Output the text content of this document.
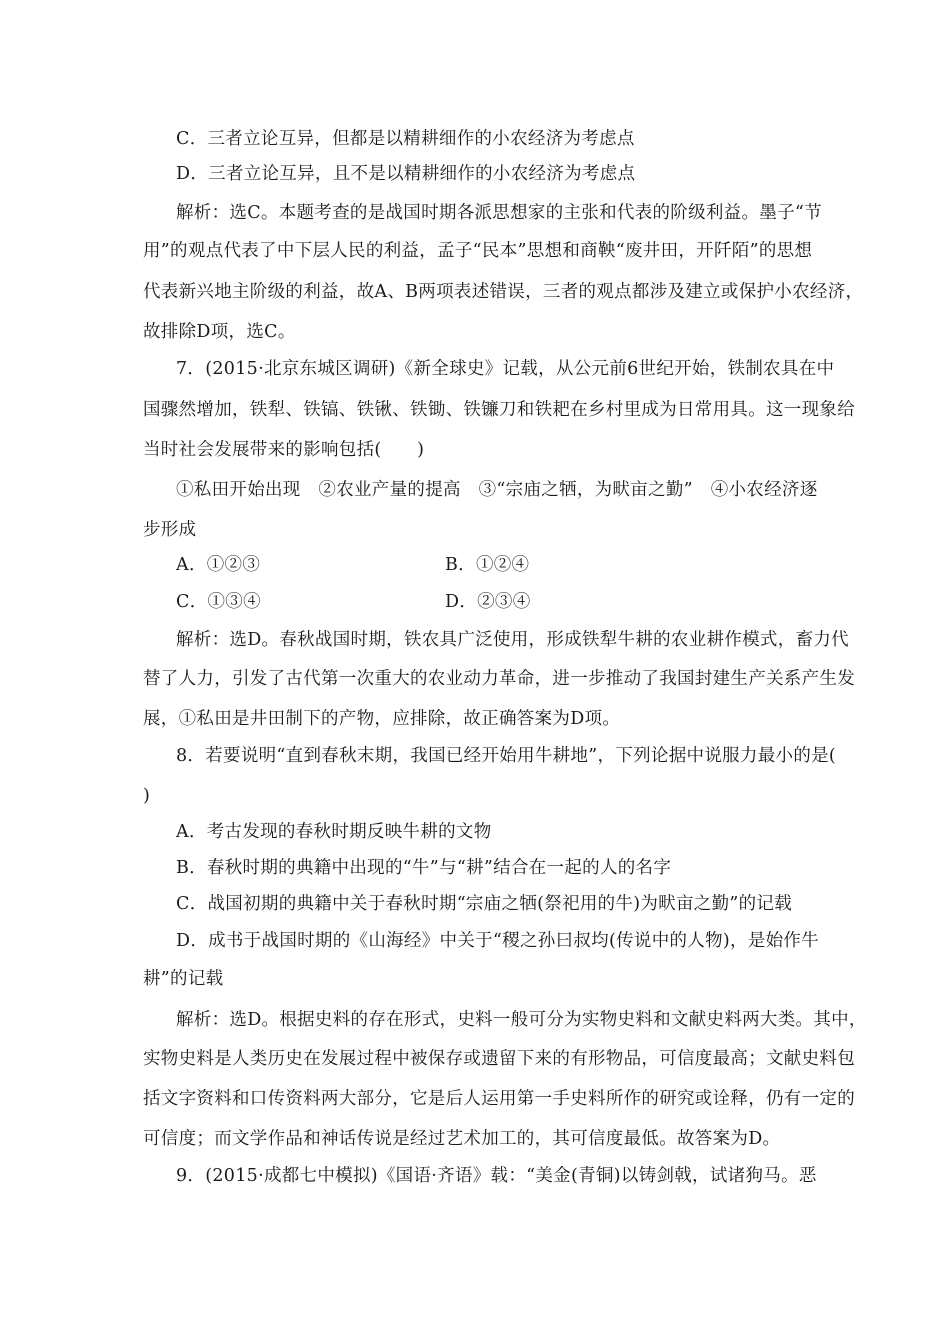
C．三者立论互异，但都是以精耕细作的小农经济为考虑点
D．三者立论互异，且不是以精耕细作的小农经济为考虑点
解析：选C。本题考查的是战国时期各派思想家的主张和代表的阶级利益。墨子“节
用”的观点代表了中下层人民的利益，孟子“民本”思想和商鞅“废井田，开阡陌”的思想
代表新兴地主阶级的利益，故A、B两项表述错误，三者的观点都涉及建立或保护小农经济，
故排除D项，选C。
7．(2015·北京东城区调研)《新全球史》记载，从公元前6世纪开始，铁制农具在中
国骤然增加，铁犁、铁镐、铁锹、铁锄、铁镰刀和铁耙在乡村里成为日常用具。这一现象给
当时社会发展带来的影响包括(　　)
①私田开始出现　②农业产量的提高　③“宗庙之牺，为畎亩之勤”　④小农经济逐
步形成
A．①②③	B．①②④
C．①③④	D．②③④
解析：选D。春秋战国时期，铁农具广泛使用，形成铁犁牛耕的农业耕作模式，畜力代
替了人力，引发了古代第一次重大的农业动力革命，进一步推动了我国封建生产关系产生发
展，①私田是井田制下的产物，应排除，故正确答案为D项。
8．若要说明“直到春秋末期，我国已经开始用牛耕地”，下列论据中说服力最小的是(
)
A．考古发现的春秋时期反映牛耕的文物
B．春秋时期的典籍中出现的“牛”与“耕”结合在一起的人的名字
C．战国初期的典籍中关于春秋时期“宗庙之牺(祭祀用的牛)为畎亩之勤”的记载
D．成书于战国时期的《山海经》中关于“稷之孙曰叔均(传说中的人物)，是始作牛
耕”的记载
解析：选D。根据史料的存在形式，史料一般可分为实物史料和文献史料两大类。其中，
实物史料是人类历史在发展过程中被保存或遗留下来的有形物品，可信度最高；文献史料包
括文字资料和口传资料两大部分，它是后人运用第一手史料所作的研究或诠释，仍有一定的
可信度；而文学作品和神话传说是经过艺术加工的，其可信度最低。故答案为D。
9．(2015·成都七中模拟)《国语·齐语》载：“美金(青铜)以铸剑戟，试诸狗马。恶
